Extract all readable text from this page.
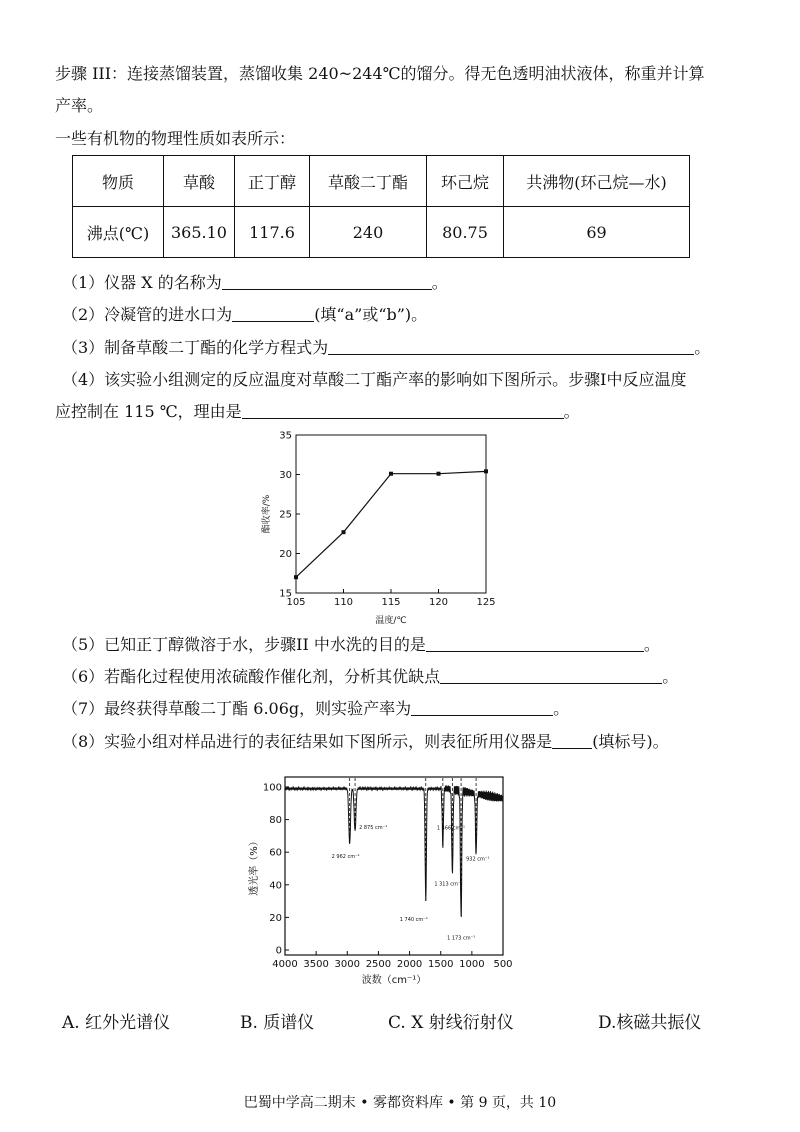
步骤 III：连接蒸馏装置，蒸馏收集 240~244℃的馏分。得无色透明油状液体，称重并计算
产率。
一些有机物的物理性质如表所示：
物质	草酸	正丁醇	草酸二丁酯	环己烷	共沸物(环己烷—水)
沸点(℃)	365.10	117.6	240	80.75	69
（1）仪器 X 的名称为	。
（2）冷凝管的进水口为	(填“a”或“b”)。
（3）制备草酸二丁酯的化学方程式为	。
（4）该实验小组测定的反应温度对草酸二丁酯产率的影响如下图所示。步骤I中反应温度
应控制在 115 ℃，理由是	。
15
20
25
30
35
105	110	115	120	125
温度/℃
酯收率/%
（5）已知正丁醇微溶于水，步骤II 中水洗的目的是	。
（6）若酯化过程使用浓硫酸作催化剂，分析其优缺点	。
（7）最终获得草酸二丁酯 6.06g，则实验产率为	。
（8）实验小组对样品进行的表征结果如下图所示，则表征所用仪器是	(填标号)。
0
20
40
60
80
100
4000 3500 3000 2500 2000 1500 1000 500
2 962 cm⁻¹
2 875 cm⁻¹
1 740 cm⁻¹
1 466 cm⁻¹
1 313 cm⁻¹
1 173 cm⁻¹
932 cm⁻¹
波数（cm⁻¹）
透光率（%）
A. 红外光谱仪	B. 质谱仪	C. X 射线衍射仪	D.核磁共振仪
巴蜀中学高二期末 • 雾都资料库 • 第 9 页，共 10
